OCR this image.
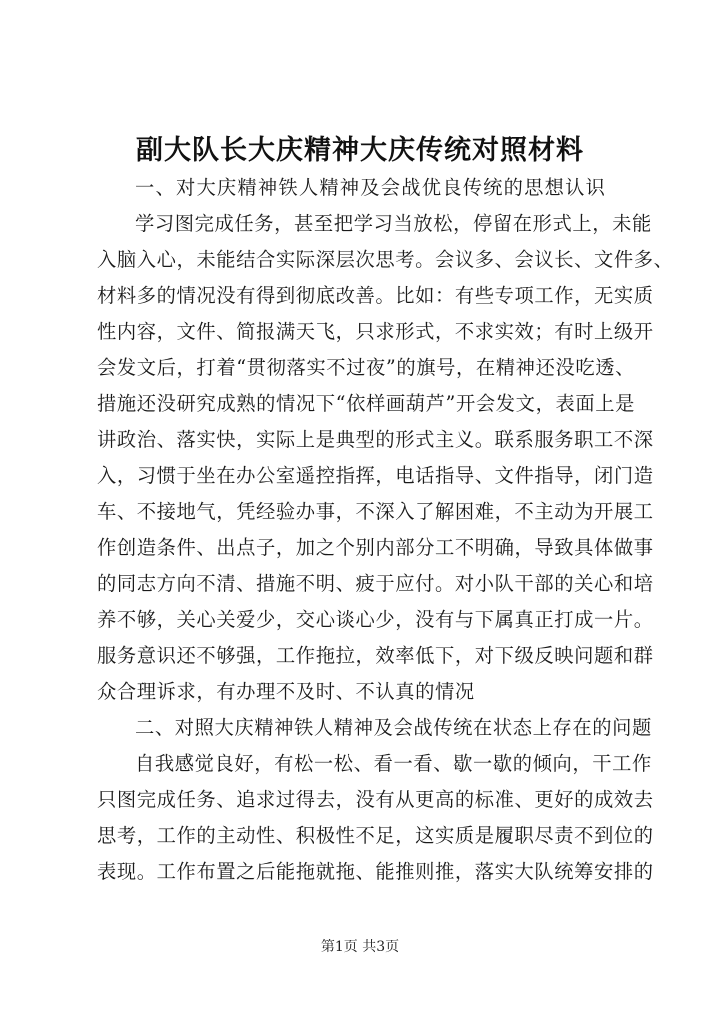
副大队长大庆精神大庆传统对照材料
一、对大庆精神铁人精神及会战优良传统的思想认识
学习图完成任务，甚至把学习当放松，停留在形式上，未能
入脑入心，未能结合实际深层次思考。会议多、会议长、文件多、
材料多的情况没有得到彻底改善。比如：有些专项工作，无实质
性内容，文件、简报满天飞，只求形式，不求实效；有时上级开
会发文后，打着“贯彻落实不过夜”的旗号，在精神还没吃透、
措施还没研究成熟的情况下“依样画葫芦”开会发文，表面上是
讲政治、落实快，实际上是典型的形式主义。联系服务职工不深
入，习惯于坐在办公室遥控指挥，电话指导、文件指导，闭门造
车、不接地气，凭经验办事，不深入了解困难，不主动为开展工
作创造条件、出点子，加之个别内部分工不明确，导致具体做事
的同志方向不清、措施不明、疲于应付。对小队干部的关心和培
养不够，关心关爱少，交心谈心少，没有与下属真正打成一片。
服务意识还不够强，工作拖拉，效率低下，对下级反映问题和群
众合理诉求，有办理不及时、不认真的情况
二、对照大庆精神铁人精神及会战传统在状态上存在的问题
自我感觉良好，有松一松、看一看、歇一歇的倾向，干工作
只图完成任务、追求过得去，没有从更高的标准、更好的成效去
思考，工作的主动性、积极性不足，这实质是履职尽责不到位的
表现。工作布置之后能拖就拖、能推则推，落实大队统筹安排的
第1页 共3页
